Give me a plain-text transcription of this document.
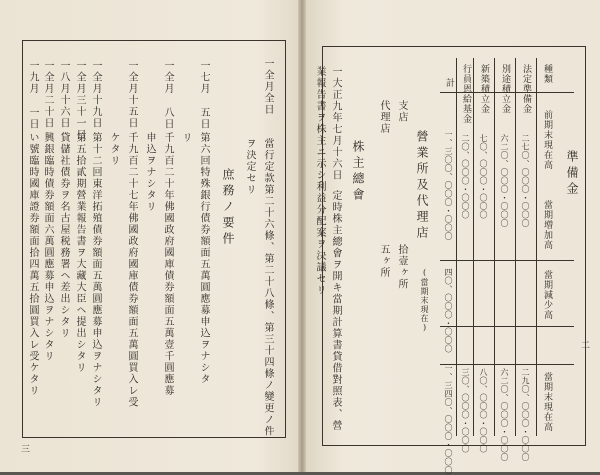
一全月全日
當行定款第二十六條、第二十八條、第三十四條ノ變更ノ件
ヲ決定セリ
庶務ノ要件
一七月 五日
第六回特殊銀行債券額面五萬圓應募申込ヲナシタ
リ
一全月 八日
千九百二十年佛國政府國庫債券額面五萬壹千圓應募
申込ヲナシタリ
一全月十五日
千九百二十七年佛國政府國庫債券額面五萬圓買入レ受
ケタリ
一全月十九日
第十二回東洋拓殖債券額面五萬圓應募申込ヲナシタリ
一全月三十一日
第五拾貳期營業報告書ヲ大藏大臣ヘ提出シタリ
一八月十六日
貸儲社債券ヲ名古屋税務署ヘ差出シタリ
一全月二十日
興銀臨時債券額面六萬圓應募申込ヲナシタリ
一九月 一日
い號臨時國庫證券額面拾四萬五拾圓買入レ受ケタリ
三
準備金
種類
前期末現在高
當期増加高
當期減少高
當期末現在高
法定準備金
二七〇、〇〇〇・〇〇〇
二九〇、〇〇〇・〇〇〇
別途積立金
六二〇、〇〇〇・〇〇〇
六二〇、〇〇〇・〇〇〇
新築積立金
七〇、〇〇〇・〇〇〇
八〇、〇〇〇・〇〇〇
行員恩給基金
二〇、〇〇〇・〇〇〇
三〇、〇〇〇・〇〇〇
計
一、三〇〇、〇〇〇・〇〇〇
四〇、〇〇〇・〇〇〇
一、三四〇、〇〇〇・〇〇〇
營業所及代理店
(當期末現在)
支店
拾壹ヶ所
代理店
五ヶ所
株主總會
一大正九年七月十六日
定時株主總會ヲ開キ當期計算書貸借對照表、營
業報告書ヲ株主ニ示シ利益分配案ヲ決議セリ
二
